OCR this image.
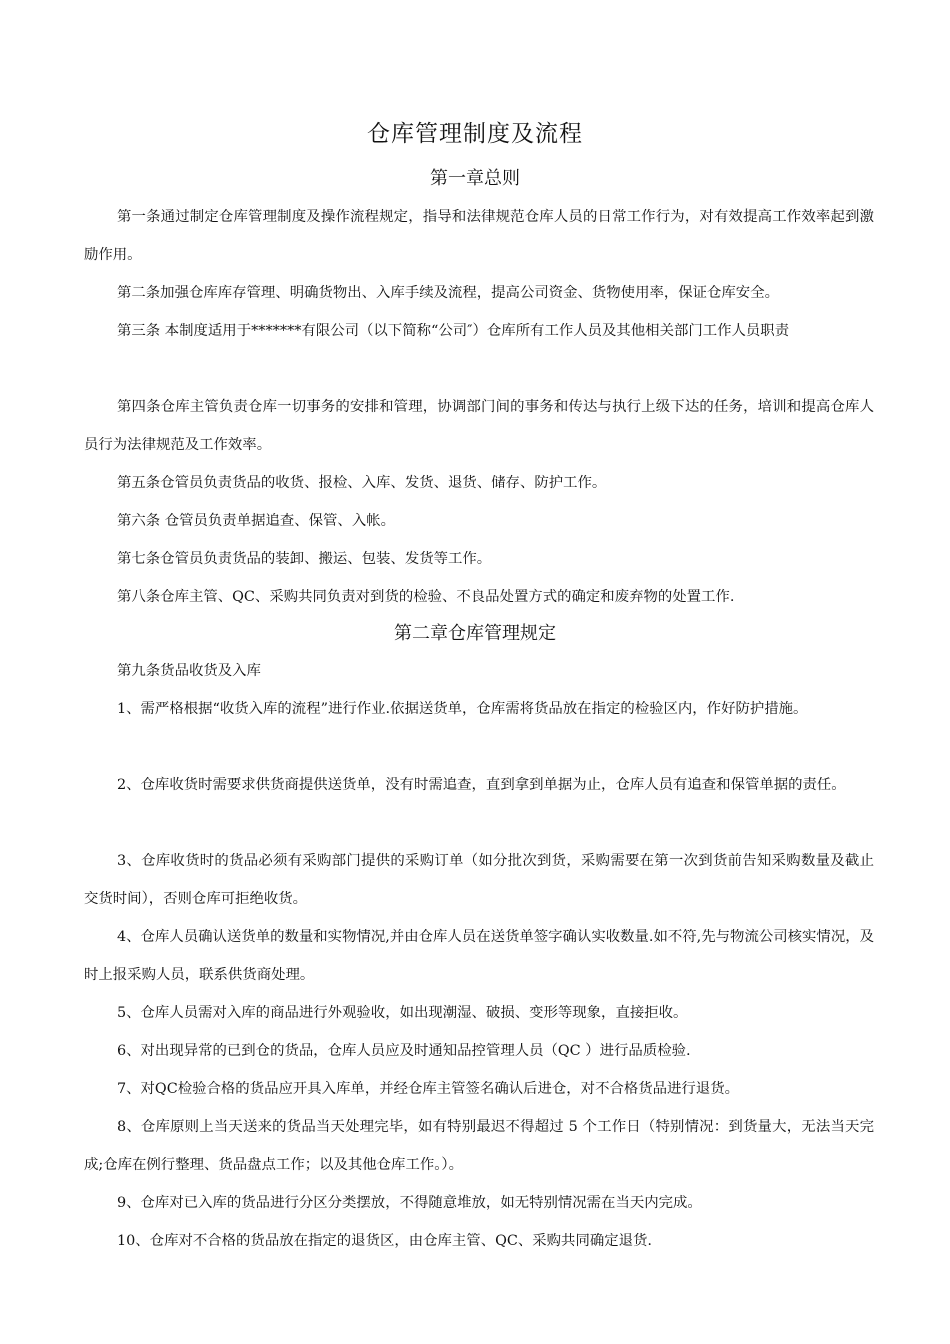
仓库管理制度及流程
第一章总则
第一条通过制定仓库管理制度及操作流程规定，指导和法律规范仓库人员的日常工作行为，对有效提高工作效率起到激励作用。
第二条加强仓库库存管理、明确货物出、入库手续及流程，提高公司资金、货物使用率，保证仓库安全。
第三条 本制度适用于*******有限公司（以下简称“公司″）仓库所有工作人员及其他相关部门工作人员职责
第四条仓库主管负责仓库一切事务的安排和管理，协调部门间的事务和传达与执行上级下达的任务，培训和提高仓库人员行为法律规范及工作效率。
第五条仓管员负责货品的收货、报检、入库、发货、退货、储存、防护工作。
第六条 仓管员负责单据追查、保管、入帐。
第七条仓管员负责货品的装卸、搬运、包装、发货等工作。
第八条仓库主管、QC、采购共同负责对到货的检验、不良品处置方式的确定和废弃物的处置工作.
第二章仓库管理规定
第九条货品收货及入库
1、需严格根据“收货入库的流程”进行作业.依据送货单，仓库需将货品放在指定的检验区内，作好防护措施。
2、仓库收货时需要求供货商提供送货单，没有时需追查，直到拿到单据为止，仓库人员有追查和保管单据的责任。
3、仓库收货时的货品必须有采购部门提供的采购订单（如分批次到货，采购需要在第一次到货前告知采购数量及截止交货时间），否则仓库可拒绝收货。
4、仓库人员确认送货单的数量和实物情况,并由仓库人员在送货单签字确认实收数量.如不符,先与物流公司核实情况，及时上报采购人员，联系供货商处理。
5、仓库人员需对入库的商品进行外观验收，如出现潮湿、破损、变形等现象，直接拒收。
6、对出现异常的已到仓的货品，仓库人员应及时通知品控管理人员（QC ）进行品质检验.
7、对QC检验合格的货品应开具入库单，并经仓库主管签名确认后进仓，对不合格货品进行退货。
8、仓库原则上当天送来的货品当天处理完毕，如有特别最迟不得超过 5 个工作日（特别情况：到货量大，无法当天完成;仓库在例行整理、货品盘点工作；以及其他仓库工作。）。
9、仓库对已入库的货品进行分区分类摆放，不得随意堆放，如无特别情况需在当天内完成。
10、仓库对不合格的货品放在指定的退货区，由仓库主管、QC、采购共同确定退货.
